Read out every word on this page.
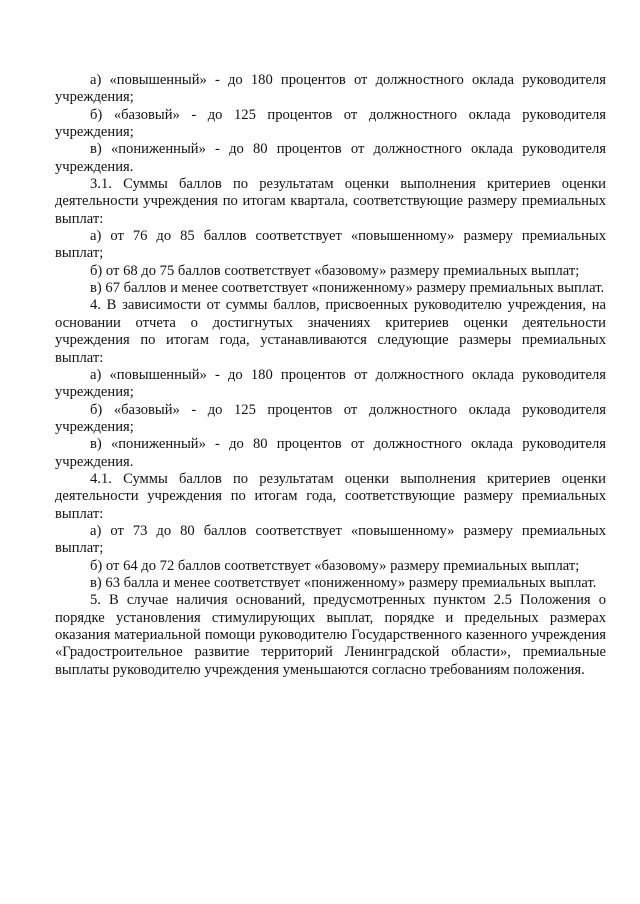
а) «повышенный» - до 180 процентов от должностного оклада руководителя учреждения;

б) «базовый» - до 125 процентов от должностного оклада руководителя учреждения;

в) «пониженный» - до 80 процентов от должностного оклада руководителя учреждения.

3.1. Суммы баллов по результатам оценки выполнения критериев оценки деятельности учреждения по итогам квартала, соответствующие размеру премиальных выплат:

а) от 76 до 85 баллов соответствует «повышенному» размеру премиальных выплат;

б) от 68 до 75 баллов соответствует «базовому» размеру премиальных выплат;

в) 67 баллов и менее соответствует «пониженному» размеру премиальных выплат.

4. В зависимости от суммы баллов, присвоенных руководителю учреждения, на основании отчета о достигнутых значениях критериев оценки деятельности учреждения по итогам года, устанавливаются следующие размеры премиальных выплат:

а) «повышенный» - до 180 процентов от должностного оклада руководителя учреждения;

б) «базовый» - до 125 процентов от должностного оклада руководителя учреждения;

в) «пониженный» - до 80 процентов от должностного оклада руководителя учреждения.

4.1. Суммы баллов по результатам оценки выполнения критериев оценки деятельности учреждения по итогам года, соответствующие размеру премиальных выплат:

а) от 73 до 80 баллов соответствует «повышенному» размеру премиальных выплат;

б) от 64 до 72 баллов соответствует «базовому» размеру премиальных выплат;

в) 63 балла и менее соответствует «пониженному» размеру премиальных выплат.

5. В случае наличия оснований, предусмотренных пунктом 2.5 Положения о порядке установления стимулирующих выплат, порядке и предельных размерах оказания материальной помощи руководителю Государственного казенного учреждения «Градостроительное развитие территорий Ленинградской области», премиальные выплаты руководителю учреждения уменьшаются согласно требованиям положения.
